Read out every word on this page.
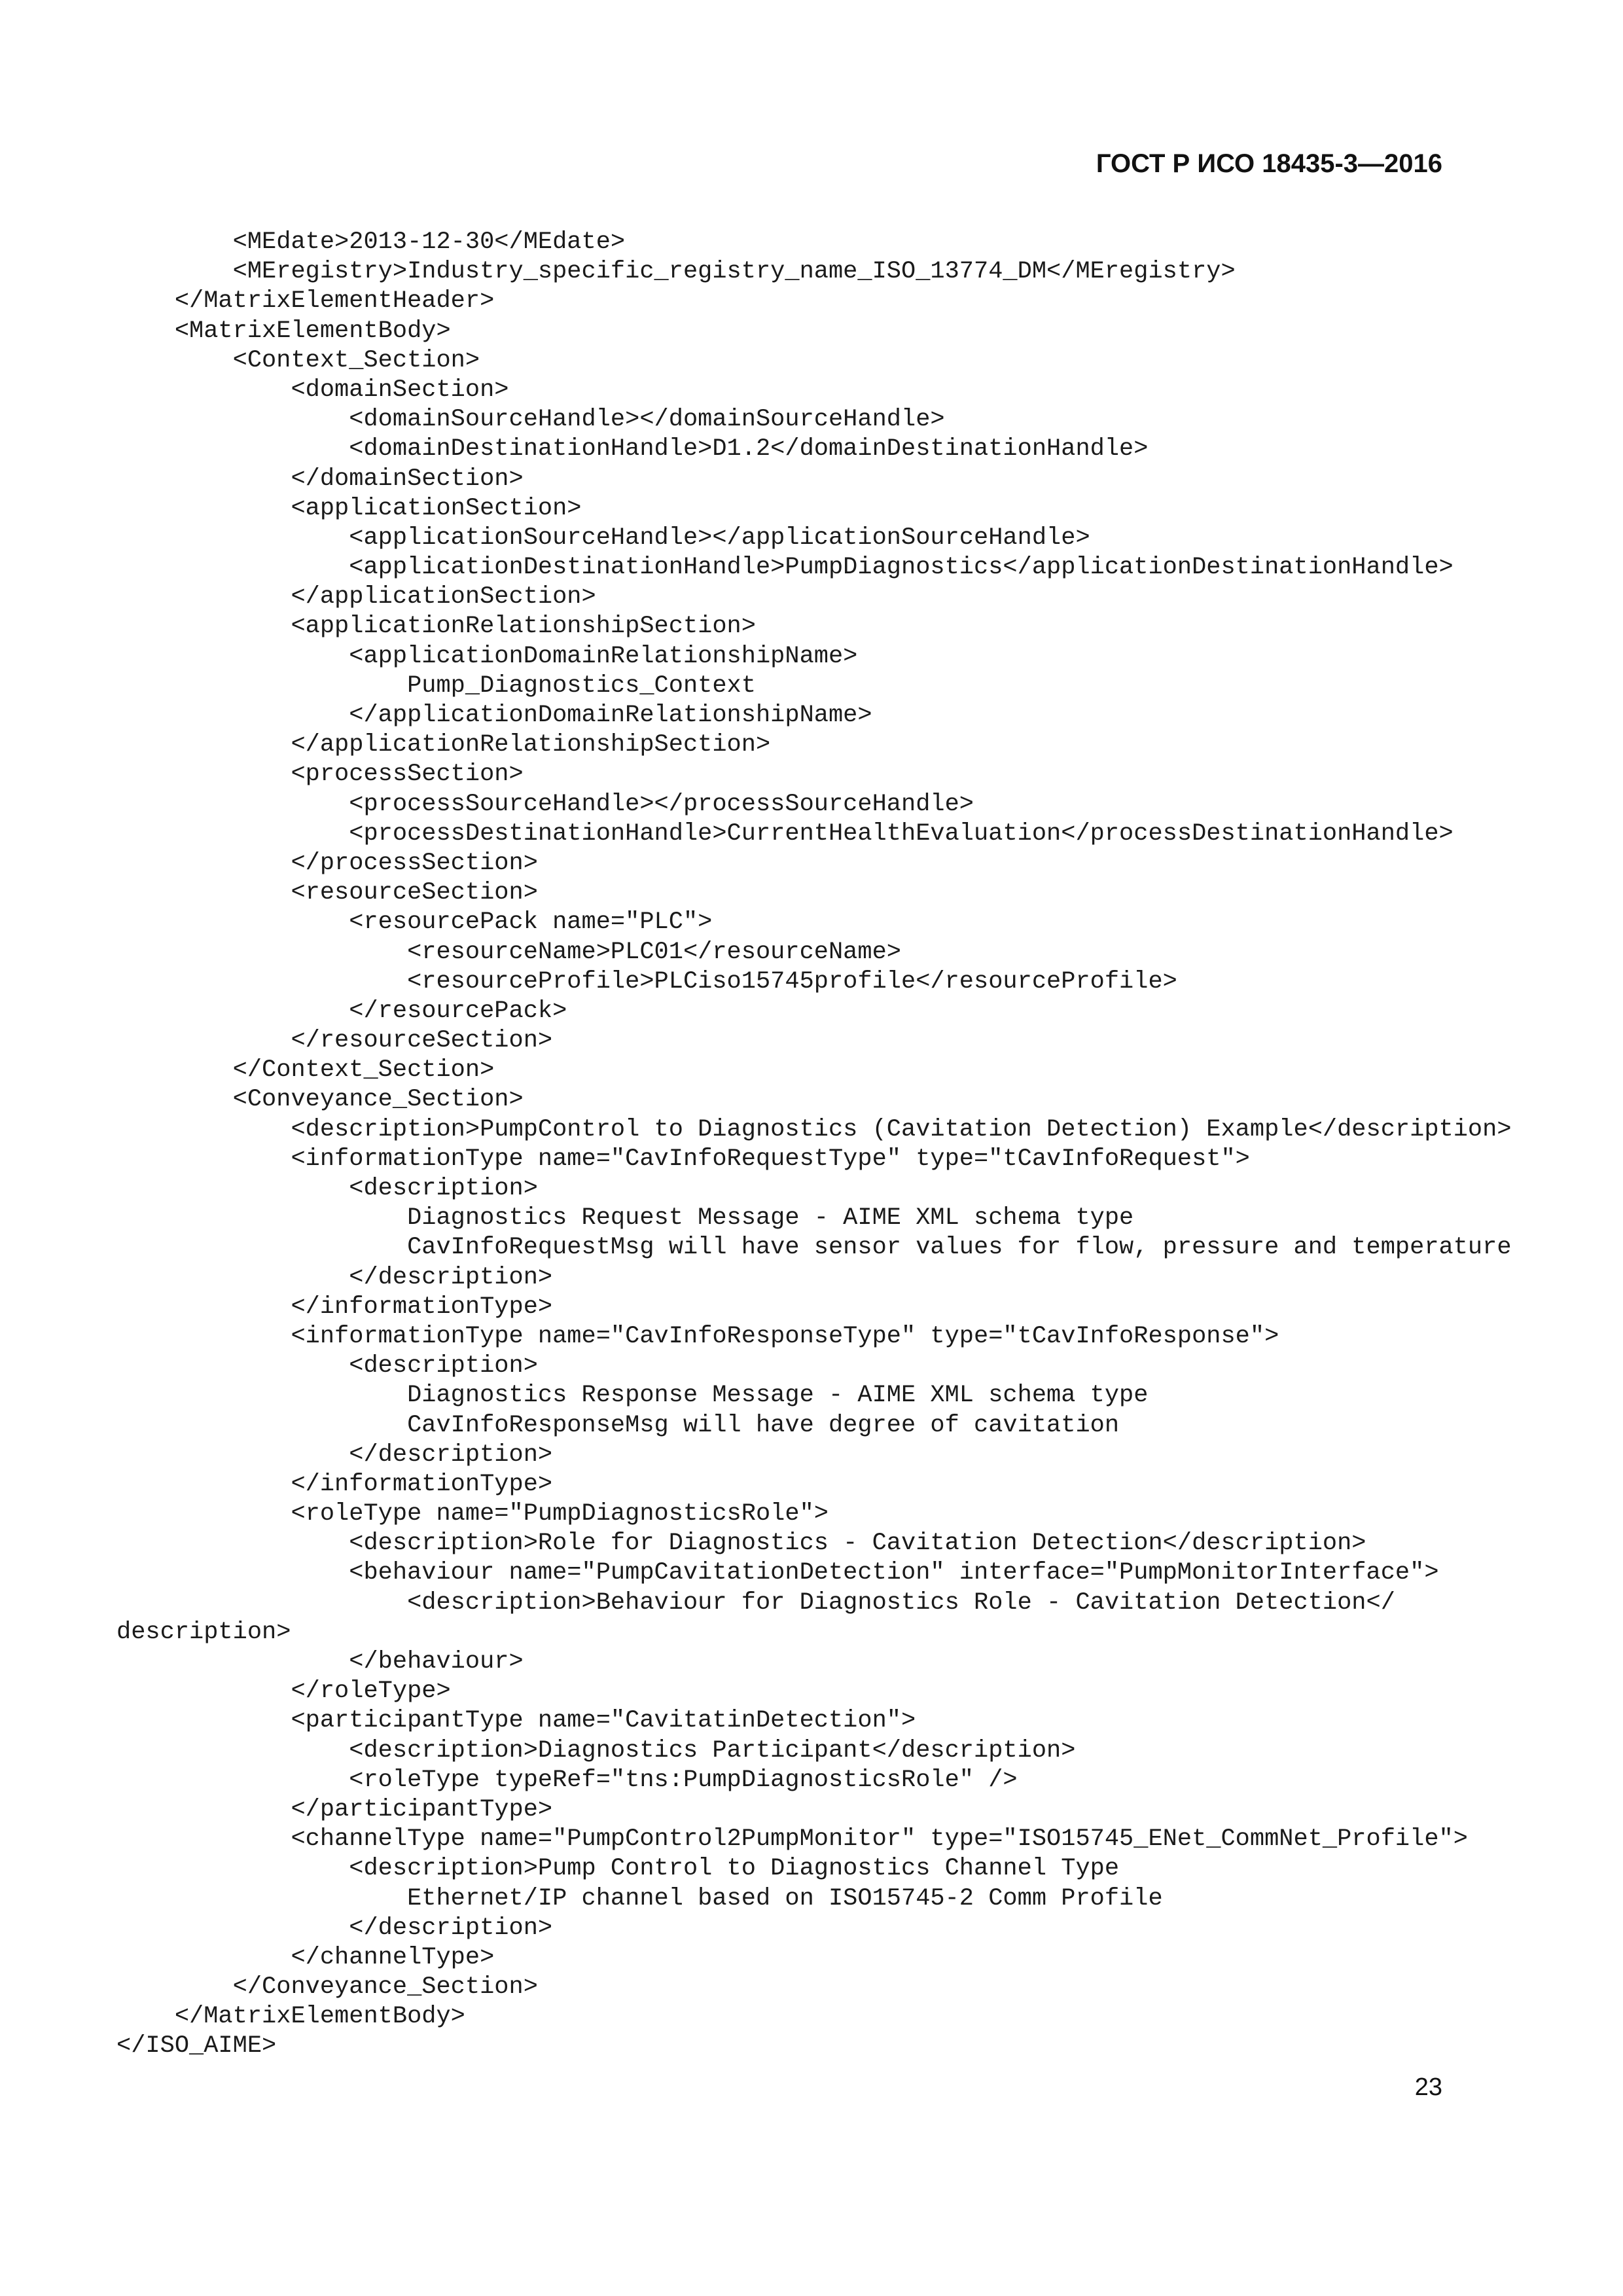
ГОСТ Р ИСО 18435-3—2016
<MEdate>2013-12-30</MEdate>
<MEregistry>Industry_specific_registry_name_ISO_13774_DM</MEregistry>
</MatrixElementHeader>
<MatrixElementBody>
<Context_Section>
<domainSection>
<domainSourceHandle></domainSourceHandle>
<domainDestinationHandle>D1.2</domainDestinationHandle>
</domainSection>
<applicationSection>
<applicationSourceHandle></applicationSourceHandle>
<applicationDestinationHandle>PumpDiagnostics</applicationDestinationHandle>
</applicationSection>
<applicationRelationshipSection>
<applicationDomainRelationshipName>
Pump_Diagnostics_Context
</applicationDomainRelationshipName>
</applicationRelationshipSection>
<processSection>
<processSourceHandle></processSourceHandle>
<processDestinationHandle>CurrentHealthEvaluation</processDestinationHandle>
</processSection>
<resourceSection>
<resourcePack name="PLC">
<resourceName>PLC01</resourceName>
<resourceProfile>PLCiso15745profile</resourceProfile>
</resourcePack>
</resourceSection>
</Context_Section>
<Conveyance_Section>
<description>PumpControl to Diagnostics (Cavitation Detection) Example</description>
<informationType name="CavInfoRequestType" type="tCavInfoRequest">
<description>
Diagnostics Request Message - AIME XML schema type
CavInfoRequestMsg will have sensor values for flow, pressure and temperature
</description>
</informationType>
<informationType name="CavInfoResponseType" type="tCavInfoResponse">
<description>
Diagnostics Response Message - AIME XML schema type
CavInfoResponseMsg will have degree of cavitation
</description>
</informationType>
<roleType name="PumpDiagnosticsRole">
<description>Role for Diagnostics - Cavitation Detection</description>
<behaviour name="PumpCavitationDetection" interface="PumpMonitorInterface">
<description>Behaviour for Diagnostics Role - Cavitation Detection</
description>
</behaviour>
</roleType>
<participantType name="CavitatinDetection">
<description>Diagnostics Participant</description>
<roleType typeRef="tns:PumpDiagnosticsRole" />
</participantType>
<channelType name="PumpControl2PumpMonitor" type="ISO15745_ENet_CommNet_Profile">
<description>Pump Control to Diagnostics Channel Type
Ethernet/IP channel based on ISO15745-2 Comm Profile
</description>
</channelType>
</Conveyance_Section>
</MatrixElementBody>
</ISO_AIME>
23
